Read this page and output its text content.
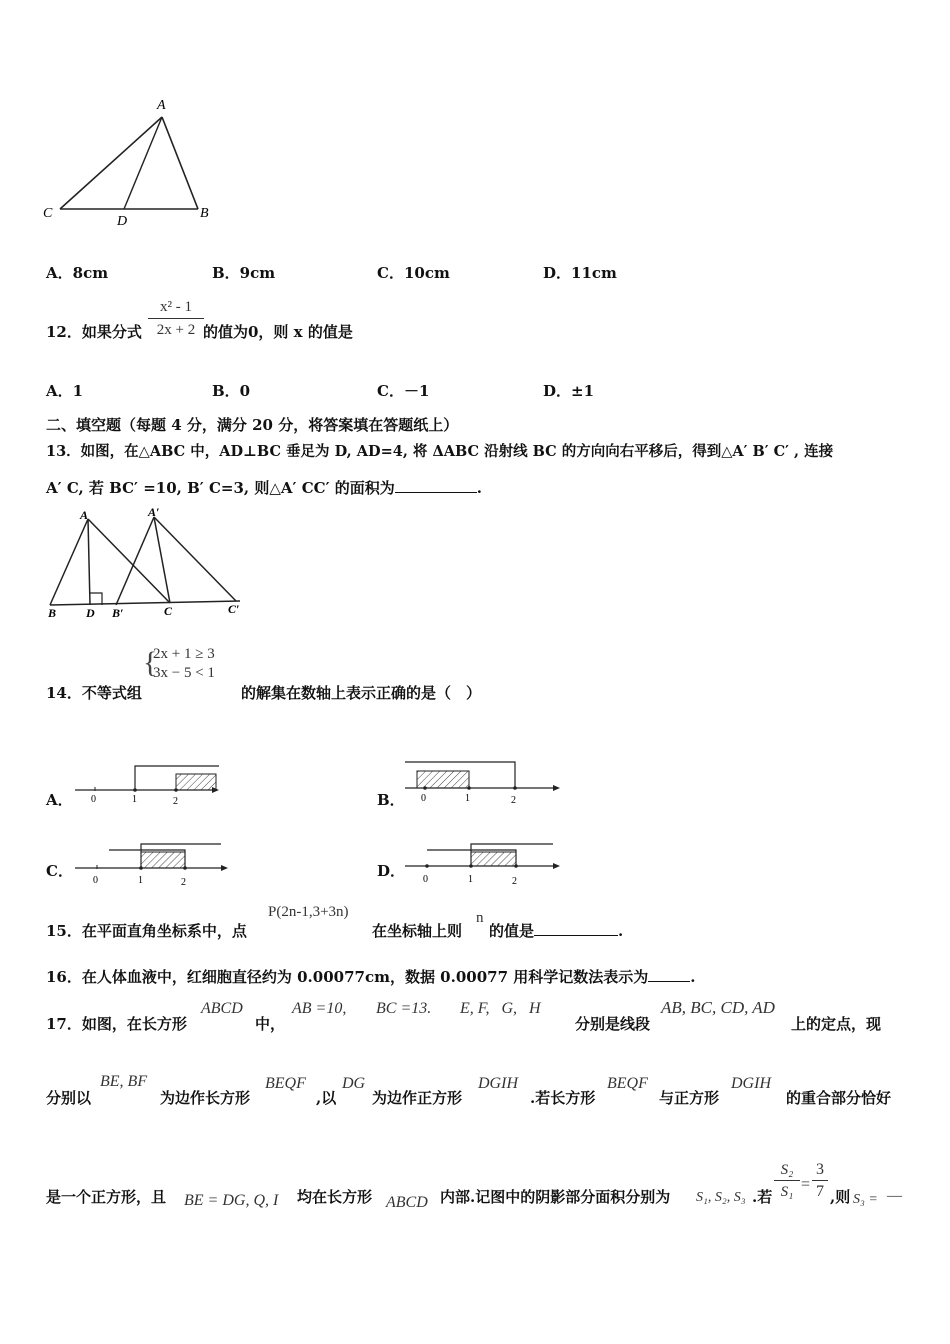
A
C
D
B
A．8cm	B．9cm	C．10cm	D．11cm
12．如果分式
x² - 1
2x + 2 的值为0，则 x 的值是
A．1	B．0	C．－1	D．±1
二、填空题（每题 4 分，满分 20 分，将答案填在答题纸上）
13．如图，在△ABC 中，AD⊥BC 垂足为 D, AD=4, 将 ΔABC 沿射线 BC 的方向向右平移后，得到△A′ B′ C′ , 连接
A′ C, 若 BC′ =10, B′ C=3, 则△A′ CC′ 的面积为	.
A	A′
B D B′	C	C′
14．不等式组
{
2x + 1 ≥ 3
3x − 5 < 1
的解集在数轴上表示正确的是（　）
A． 0	1	2	B． 0	1	2
C．
0	1	2
D． 0	1	2
15．在平面直角坐标系中，点
P(2n-1,3+3n)
在坐标轴上则
n
的值是	.
16．在人体血液中，红细胞直径约为 0.00077cm，数据 0.00077 用科学记数法表示为	.
17．如图，在长方形
ABCD
中，
AB =10, BC =13. E, F,   G,   H
分别是线段
AB, BC, CD, AD
上的定点，现
分别以
BE, BF
为边作长方形
BEQF
,以
DG
为边作正方形
DGIH
.若长方形
BEQF
与正方形
DGIH
的重合部分恰好
是一个正方形，且 BE = DG, Q, I 均在长方形 ABCD 内部.记图中的阴影部分面积分别为 S₁, S₂, S₃ .若
S₂
S₁ =
3
7 ,则 S₃ = —
